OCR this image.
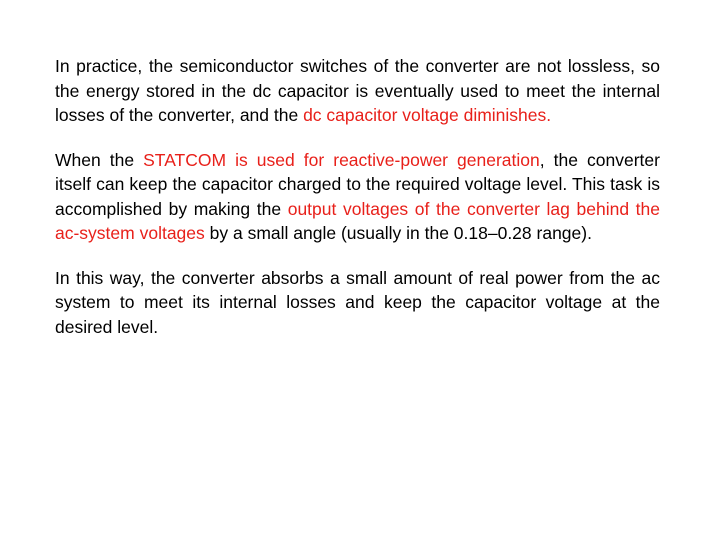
In practice, the semiconductor switches of the converter are not lossless, so the energy stored in the dc capacitor is eventually used to meet the internal losses of the converter, and the dc capacitor voltage diminishes.

When the STATCOM is used for reactive-power generation, the converter itself can keep the capacitor charged to the required voltage level. This task is accomplished by making the output voltages of the converter lag behind the ac-system voltages by a small angle (usually in the 0.18–0.28 range).

In this way, the converter absorbs a small amount of real power from the ac system to meet its internal losses and keep the capacitor voltage at the desired level.
